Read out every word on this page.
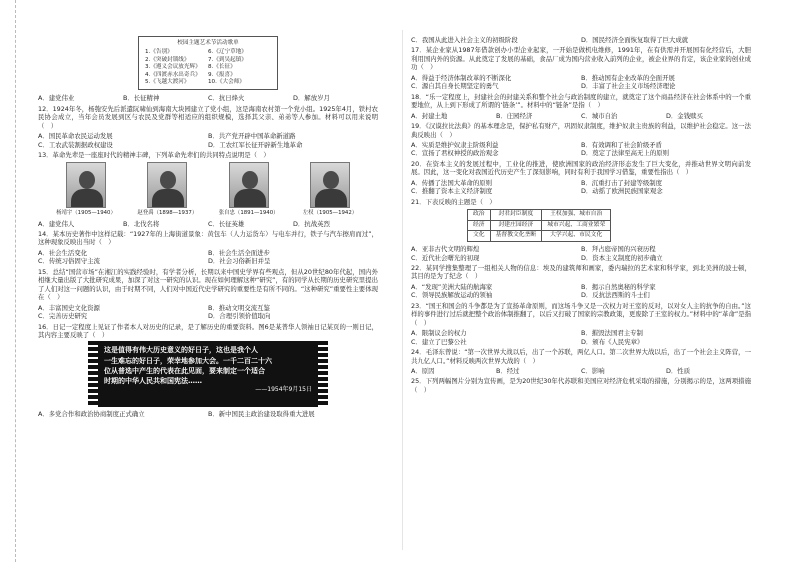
校园主题艺术节活动歌单
1.《告别》	6.《辽宁草地》
2.《突破封锁线》	7.《到吴起镇》
3.《遵义会议放光辉》	8.《长征》
4.《四渡赤水出奇兵》	9.《报喜》
5.《飞越大渡河》	10.《大会师》
A．建党伟业	B．长征精神	C．抗日烽火	D．解放岁月

12．1924年冬，杨匏安先后派遣阮啸仙到海南大块园建立了党小组，这是海南农村第一个党小组。1925年4月，铁村农民协会成立，当年会员发展到区与农民及党群等相适应的组织规模，选择其父亲、弟弟等人参加。材料可以用来说明（　）

A．国民革命农民运动发展	B．共产党开辟中国革命新道路
C．工农武装割据政权建设	D．工农红军长征开辟新生地革命

13．革命先辈是一座座时代的精神丰碑，下列革命先辈们的共同特点说明是（　）

杨靖宇（1905—1940）	赵登禹（1898—1937）	张自忠（1891—1940）	左权（1905—1942）
A．建党伟人	B．北伐名将	C．长征英雄	D．抗战英烈

14．某本历史著作中这样记载：“1927年的上海街道景象：黄包车（人力运货车）与电车并行，铁子与汽车擦肩而过”，这种现象反映出当时（　）

A．社会生活变化	B．社会生活全面进步
C．传统习俗固守主流	D．社会习俗新旧并呈

15．总结“国营市场”在湘江的实践经验时，有学者分析，长期以来中国史学界有些观点，但从20世纪80年代起，国内外相继大量出版了大批研究成果，加深了对这一研究的认识。现在如何理解这种“研究”，有的同学从长期的历史研究里提出了人们对这一问题的认识，由于时期不同，人们对中国近代史学研究的重要性是有所不同的。“这种研究”重要性主要体现在（　）

A．丰富国史文化资源	B．推动文明交流互鉴
C．完善历史研究	D．合理引领价值取向

16．日记一定程度上见证了作者本人对历史的记录，是了解历史的重要资料。图6是某普华人领袖日记某页的一则日记，其内容主要反映了（　）

这是值得有伟大历史意义的好日子，这也是我个人
一生难忘的好日子，荣幸地参加大会。一千二百二十六
位从普选中产生的代表在此见面，要来制定一个适合
时期的中华人民共和国宪法……
——1954年9月15日
A．多党合作和政治协商制度正式确立	B．新中国民主政治建设取得重大进展
C．我国从此进入社会主义的初级阶段	D．国民经济全面恢复取得了巨大成就

17．某企业家从1987年借款创办小型企业起家，一开始是做机电维修，1991年，在有供需并开展国有化经营后，大胆利用国内外的资源。从此奠定了发展的基础，食品厂成为国内营业收入前列的企业，被企业界的肯定，该企业家的创业成功（　）

A．得益于经济体制改革的不断深化	B．推动国有企业改革的全面开展
C．源自其自身长期坚定的勇气	D．丰富了社会主义市场经济理论

18．“乐一定程度上，封建社会的封建关系和整个社会与政治制度的建立，就奠定了这个商品经济在社会体系中的一个重要地位，从上到下形成了所谓的‘链条’”。材料中的“链条”是指（　）

A．封建土地	B．庄园经济	C．城市自治	D．金钱赎买

19．《汉谟拉比法典》的基本理念是，保护私有财产，巩固奴隶制度，维护奴隶主贵族的利益，以维护社会稳定。这一法典反映出（　）

A．实质是维护奴隶主阶级利益	B．有效调和了社会阶级矛盾
C．宣扬了君权神授的政治观念	D．奠定了法律至高无上的原则

20．在资本主义的发展过程中，工业化的推进，使欧洲国家的政治经济形态发生了巨大变化，并推动世界文明向前发展。因此，这一变化对我国近代历史产生了深刻影响，同时有利于我国学习借鉴，重要性指出（　）

A．传播了法国大革命的原则	B．沉重打击了封建等级制度
C．推翻了资本主义经济制度	D．动摇了欧洲民族国家观念

21．下表反映的主题是（　）

政治	封君封臣制度	王权加强、城市自治
经济	封建庄园经济	城市兴起、工商业繁荣
文化	基督教文化垄断	大学兴起、市民文化
A．亚非古代文明的辉煌	B．拜占庭帝国的兴衰历程
C．近代社会曙光的初现	D．资本主义制度的初步确立

22．某同学搜集整理了一组相关人物的信息：埃及的建筑师和画家，委内瑞拉的艺术家和科学家，到北美洲的波士顿，其目的是为了纪念（　）

A．“发现”美洲大陆的航海家	B．揭示自然奥秘的科学家
C．领导民族解放运动的领袖	D．反抗法西斯的斗士们

23．“国王和国会的斗争都是为了宣扬革命原则，而这场斗争又是一次权力对王室的反对，以对女人主的抗争的自由。”这样的事件进行过后就把整个政治体制推翻了，以后又打破了国家的宗教政策，更废除了王室的权力。”材料中的“革命”是指（　）

A．限制议会的权力	B．摧毁法国君主专制
C．建立了巴黎公社	D．颁布《人民宪章》

24．毛泽东曾说：“第一次世界大战以后，出了一个苏联，两亿人口。第二次世界大战以后，出了一个社会主义阵营，一共九亿人口。”材料反映两次世界大战的（　）

A．原因	B．经过	C．影响	D．性质

25．下列两幅图片分别为宣传画，是为20世纪30年代苏联和美国应对经济危机采取的措施，分别揭示的是，这两项措施（　）
